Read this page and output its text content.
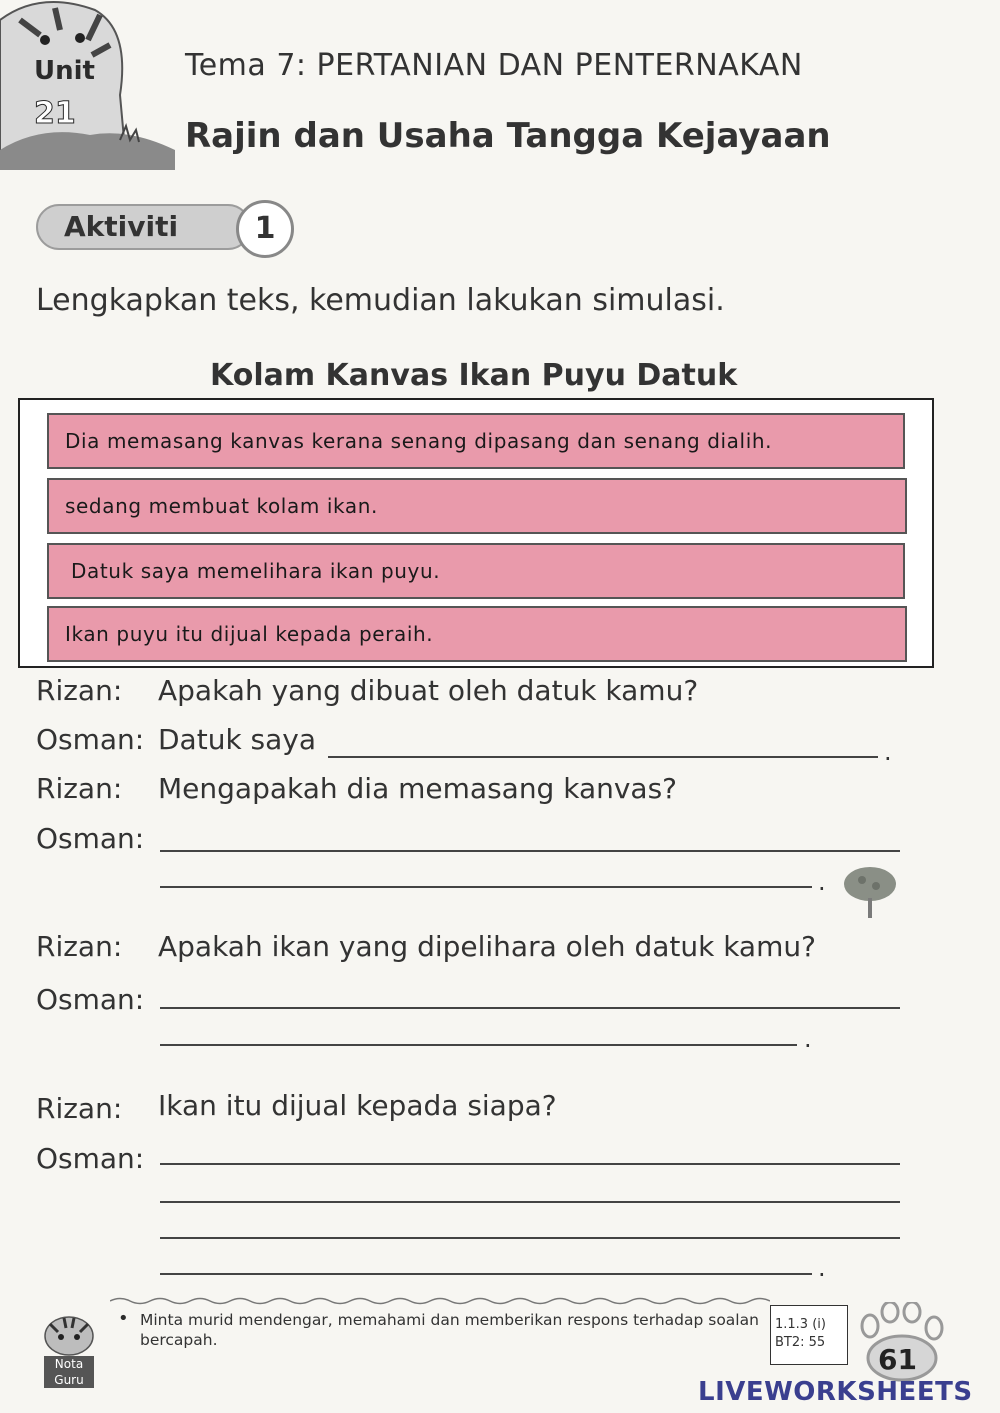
Unit
21
Tema 7: PERTANIAN DAN PENTERNAKAN
Rajin dan Usaha Tangga Kejayaan
Aktiviti	1
Lengkapkan teks, kemudian lakukan simulasi.
Kolam Kanvas Ikan Puyu Datuk
Dia memasang kanvas kerana senang dipasang dan senang dialih.
sedang membuat kolam ikan.
Datuk saya memelihara ikan puyu.
Ikan puyu itu dijual kepada peraih.
Rizan: Apakah yang dibuat oleh datuk kamu?
Osman: Datuk saya	.
Rizan: Mengapakah dia memasang kanvas?
Osman:
.
Rizan: Apakah ikan yang dipelihara oleh datuk kamu?
Osman:
.
Rizan: Ikan itu dijual kepada siapa?
Osman:
.
Nota Guru
• Minta murid mendengar, memahami dan memberikan respons terhadap soalan bercapah.
1.1.3 (i)
BT2: 55
61
LIVEWORKSHEETS
